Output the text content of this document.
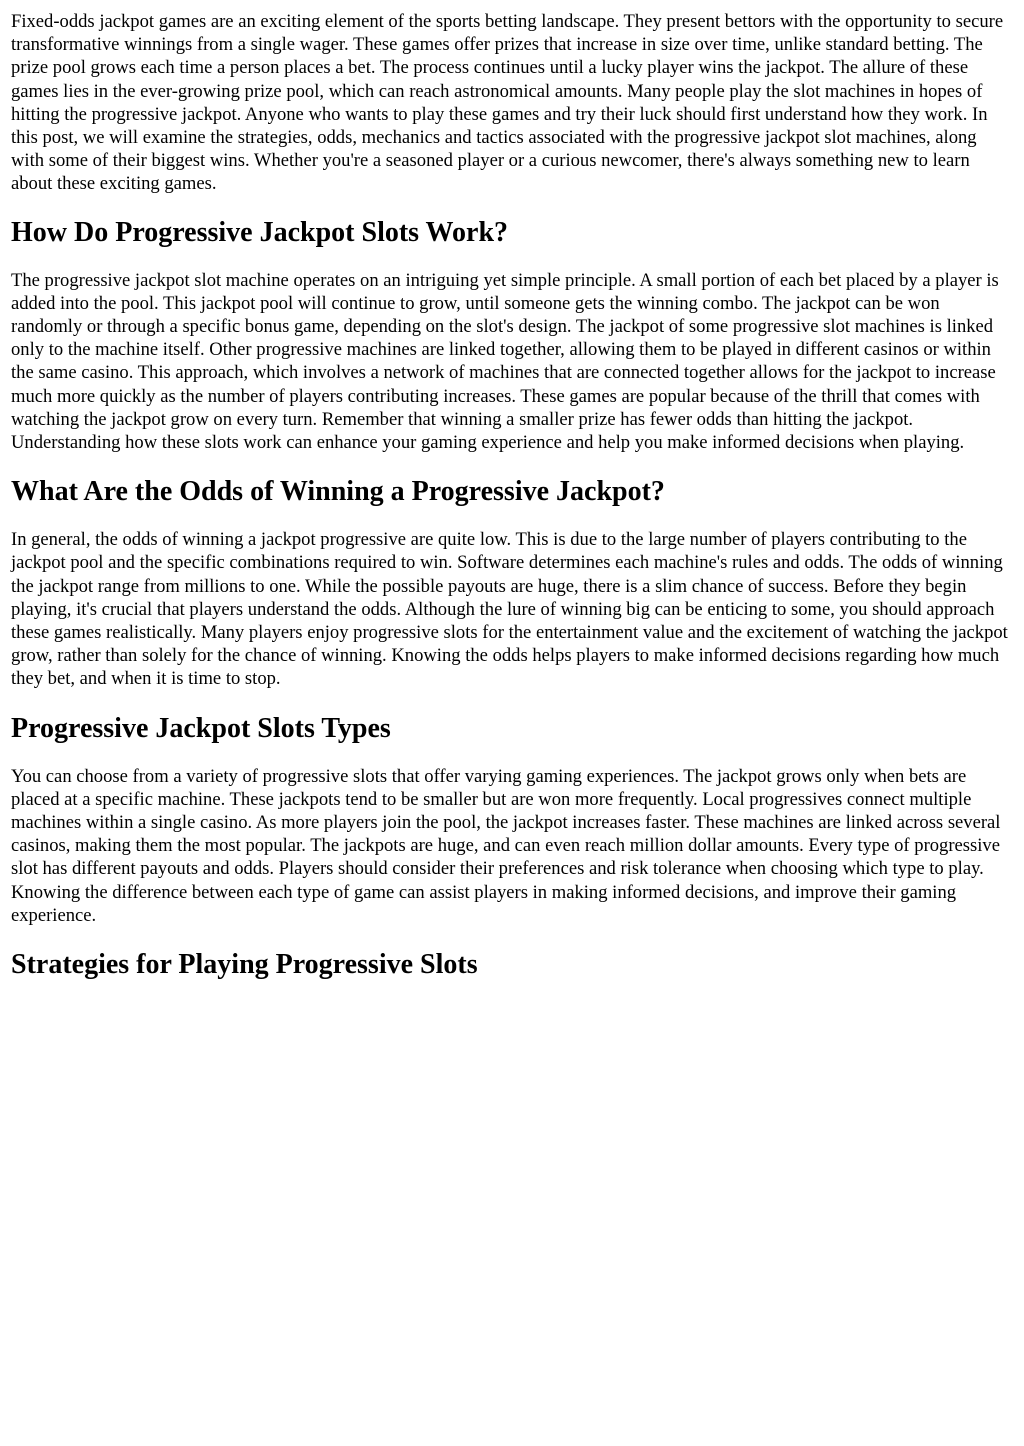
Fixed-odds jackpot games are an exciting element of the sports betting landscape. They present bettors with the opportunity to secure transformative winnings from a single wager. These games offer prizes that increase in size over time, unlike standard betting. The prize pool grows each time a person places a bet. The process continues until a lucky player wins the jackpot. The allure of these games lies in the ever-growing prize pool, which can reach astronomical amounts. Many people play the slot machines in hopes of hitting the progressive jackpot. Anyone who wants to play these games and try their luck should first understand how they work. In this post, we will examine the strategies, odds, mechanics and tactics associated with the progressive jackpot slot machines, along with some of their biggest wins. Whether you're a seasoned player or a curious newcomer, there's always something new to learn about these exciting games.

How Do Progressive Jackpot Slots Work?

The progressive jackpot slot machine operates on an intriguing yet simple principle. A small portion of each bet placed by a player is added into the pool. This jackpot pool will continue to grow, until someone gets the winning combo. The jackpot can be won randomly or through a specific bonus game, depending on the slot's design. The jackpot of some progressive slot machines is linked only to the machine itself. Other progressive machines are linked together, allowing them to be played in different casinos or within the same casino. This approach, which involves a network of machines that are connected together allows for the jackpot to increase much more quickly as the number of players contributing increases. These games are popular because of the thrill that comes with watching the jackpot grow on every turn. Remember that winning a smaller prize has fewer odds than hitting the jackpot. Understanding how these slots work can enhance your gaming experience and help you make informed decisions when playing.

What Are the Odds of Winning a Progressive Jackpot?

In general, the odds of winning a jackpot progressive are quite low. This is due to the large number of players contributing to the jackpot pool and the specific combinations required to win. Software determines each machine's rules and odds. The odds of winning the jackpot range from millions to one. While the possible payouts are huge, there is a slim chance of success. Before they begin playing, it's crucial that players understand the odds. Although the lure of winning big can be enticing to some, you should approach these games realistically. Many players enjoy progressive slots for the entertainment value and the excitement of watching the jackpot grow, rather than solely for the chance of winning. Knowing the odds helps players to make informed decisions regarding how much they bet, and when it is time to stop.

Progressive Jackpot Slots Types

You can choose from a variety of progressive slots that offer varying gaming experiences. The jackpot grows only when bets are placed at a specific machine. These jackpots tend to be smaller but are won more frequently. Local progressives connect multiple machines within a single casino. As more players join the pool, the jackpot increases faster. These machines are linked across several casinos, making them the most popular. The jackpots are huge, and can even reach million dollar amounts. Every type of progressive slot has different payouts and odds. Players should consider their preferences and risk tolerance when choosing which type to play. Knowing the difference between each type of game can assist players in making informed decisions, and improve their gaming experience.

Strategies for Playing Progressive Slots
